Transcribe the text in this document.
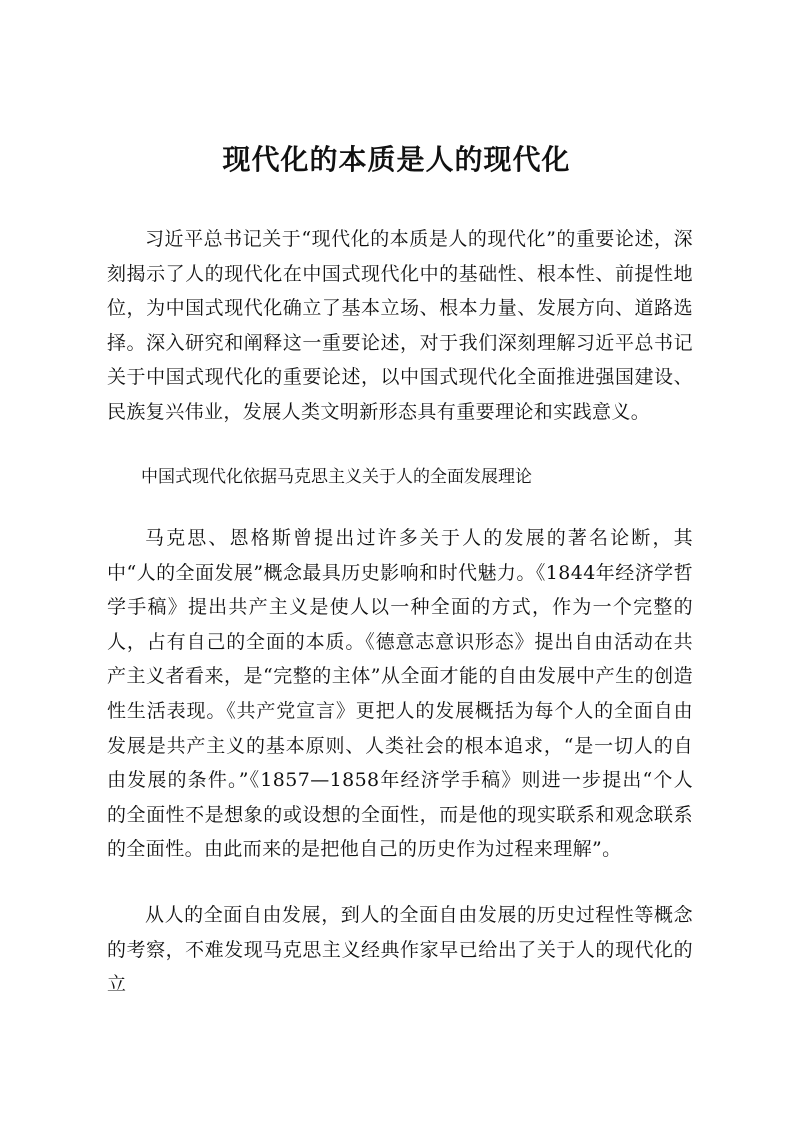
现代化的本质是人的现代化

习近平总书记关于“现代化的本质是人的现代化”的重要论述，深刻揭示了人的现代化在中国式现代化中的基础性、根本性、前提性地位，为中国式现代化确立了基本立场、根本力量、发展方向、道路选择。深入研究和阐释这一重要论述，对于我们深刻理解习近平总书记关于中国式现代化的重要论述，以中国式现代化全面推进强国建设、民族复兴伟业，发展人类文明新形态具有重要理论和实践意义。

中国式现代化依据马克思主义关于人的全面发展理论

马克思、恩格斯曾提出过许多关于人的发展的著名论断，其中“人的全面发展”概念最具历史影响和时代魅力。《1844年经济学哲学手稿》提出共产主义是使人以一种全面的方式，作为一个完整的人，占有自己的全面的本质。《德意志意识形态》提出自由活动在共产主义者看来，是“完整的主体”从全面才能的自由发展中产生的创造性生活表现。《共产党宣言》更把人的发展概括为每个人的全面自由发展是共产主义的基本原则、人类社会的根本追求，“是一切人的自由发展的条件。”《1857—1858年经济学手稿》则进一步提出“个人的全面性不是想象的或设想的全面性，而是他的现实联系和观念联系的全面性。由此而来的是把他自己的历史作为过程来理解”。

从人的全面自由发展，到人的全面自由发展的历史过程性等概念的考察，不难发现马克思主义经典作家早已给出了关于人的现代化的立
